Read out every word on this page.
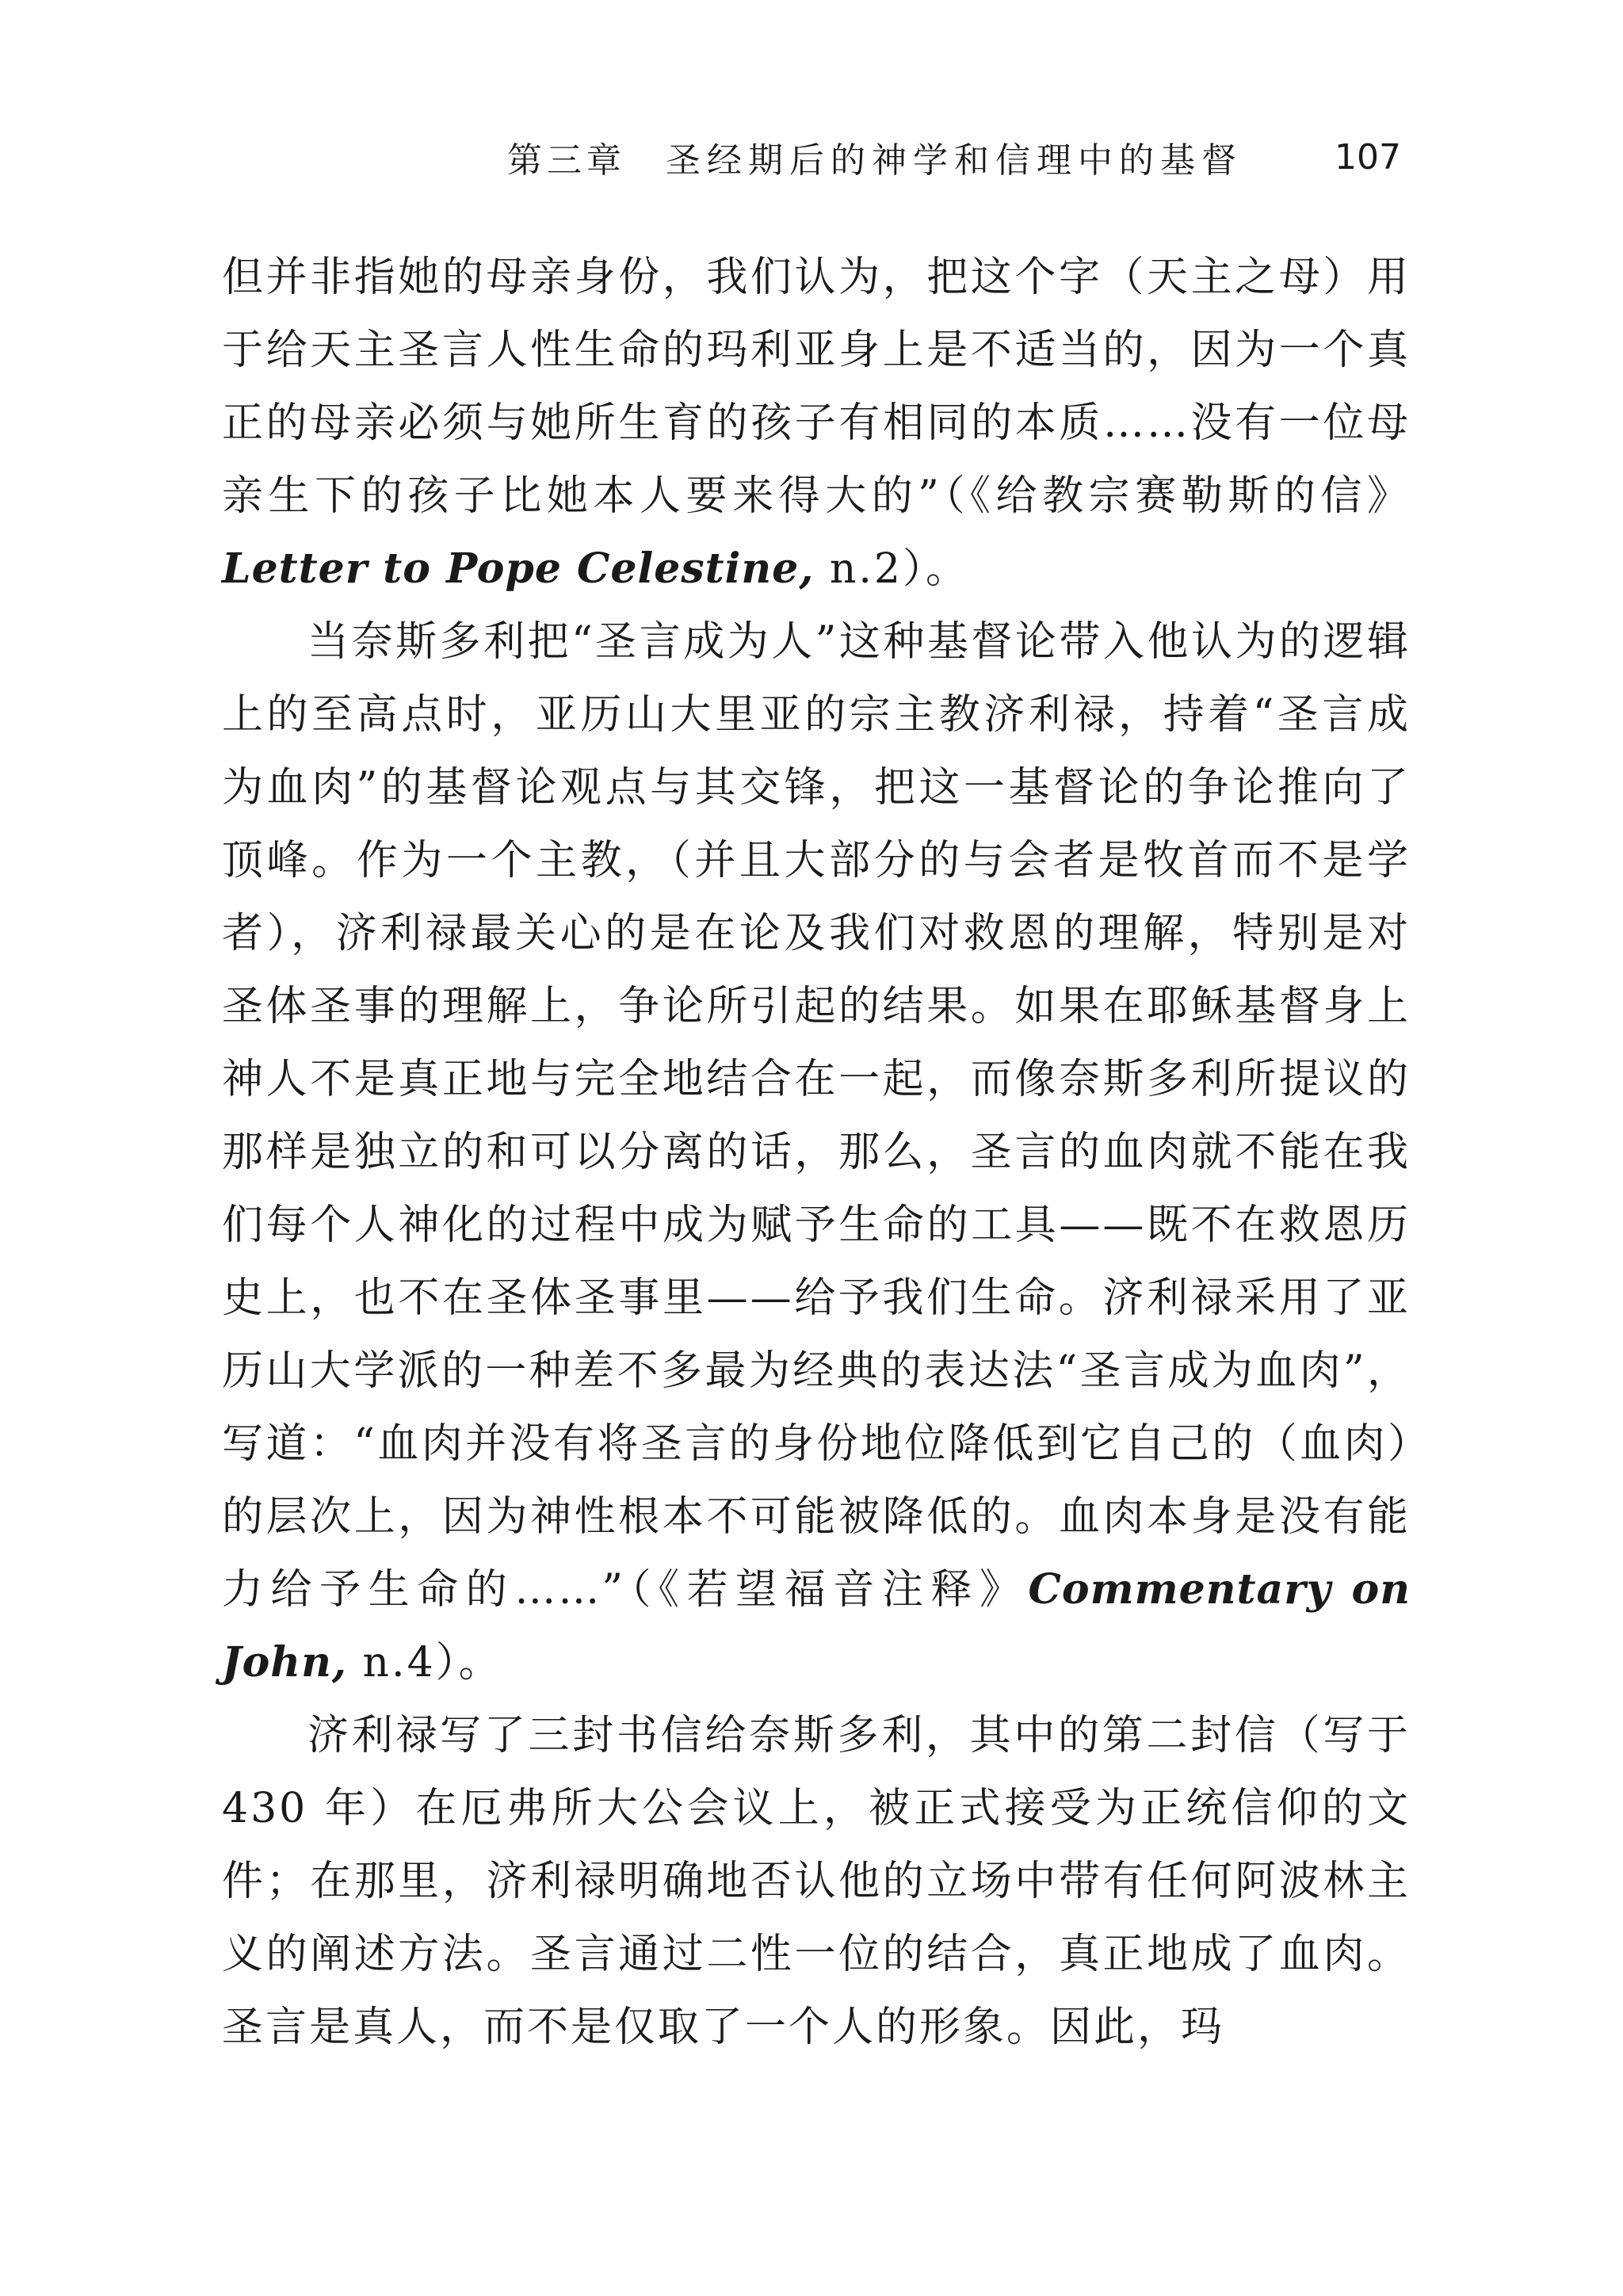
第三章 圣经期后的神学和信理中的基督	107

但并非指她的母亲身份，我们认为，把这个字（天主之母）用于给天主圣言人性生命的玛利亚身上是不适当的，因为一个真正的母亲必须与她所生育的孩子有相同的本质……没有一位母亲生下的孩子比她本人要来得大的”（《给教宗赛勒斯的信》Letter to Pope Celestine, n.2）。

当奈斯多利把“圣言成为人”这种基督论带入他认为的逻辑上的至高点时，亚历山大里亚的宗主教济利禄，持着“圣言成为血肉”的基督论观点与其交锋，把这一基督论的争论推向了顶峰。作为一个主教，（并且大部分的与会者是牧首而不是学者），济利禄最关心的是在论及我们对救恩的理解，特别是对圣体圣事的理解上，争论所引起的结果。如果在耶稣基督身上神人不是真正地与完全地结合在一起，而像奈斯多利所提议的那样是独立的和可以分离的话，那么，圣言的血肉就不能在我们每个人神化的过程中成为赋予生命的工具——既不在救恩历史上，也不在圣体圣事里——给予我们生命。济利禄采用了亚历山大学派的一种差不多最为经典的表达法“圣言成为血肉”，写道：“血肉并没有将圣言的身份地位降低到它自己的（血肉）的层次上，因为神性根本不可能被降低的。血肉本身是没有能力给予生命的……”（《若望福音注释》Commentary on John, n.4）。

济利禄写了三封书信给奈斯多利，其中的第二封信（写于 430 年）在厄弗所大公会议上，被正式接受为正统信仰的文件；在那里，济利禄明确地否认他的立场中带有任何阿波林主义的阐述方法。圣言通过二性一位的结合，真正地成了血肉。圣言是真人，而不是仅取了一个人的形象。因此，玛
